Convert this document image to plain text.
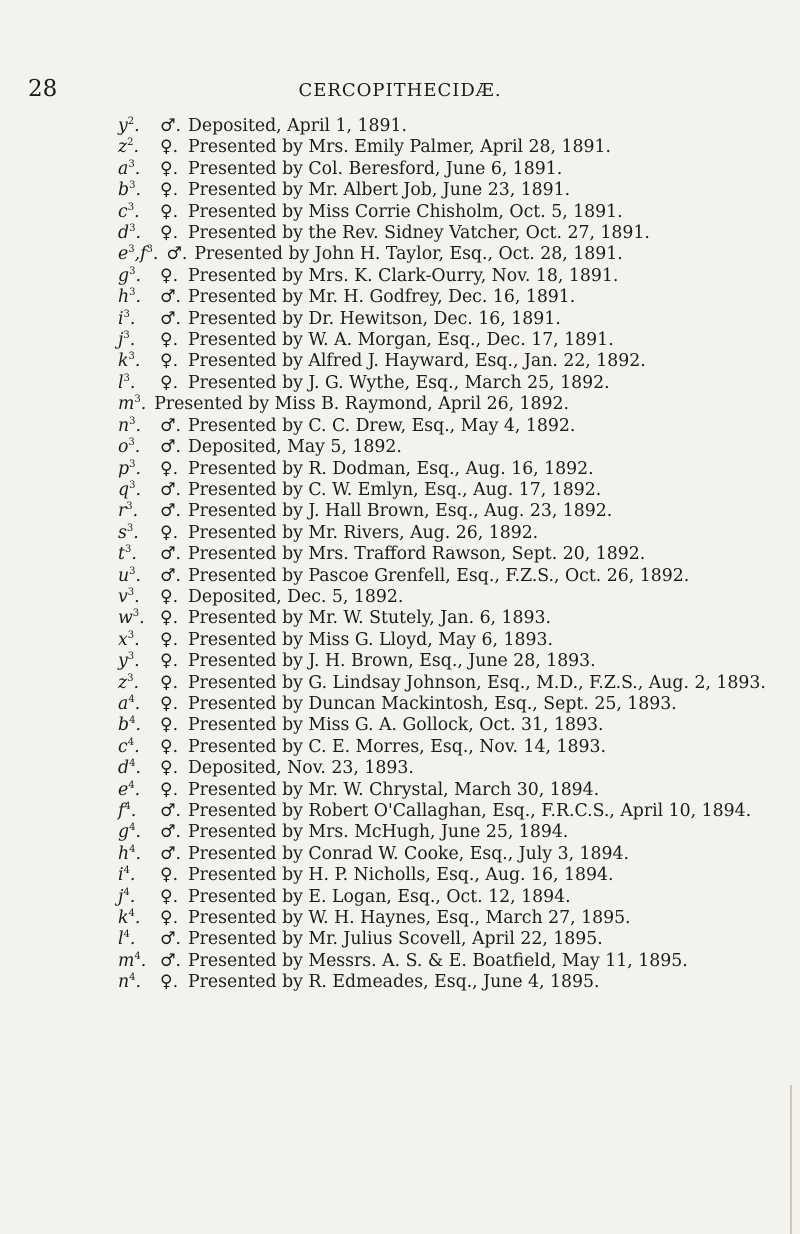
28	CERCOPITHECIDÆ.
$y^2$.	♂. Deposited, April 1, 1891.
$z^2$.	♀. Presented by Mrs. Emily Palmer, April 28, 1891.
$a^3$.	♀. Presented by Col. Beresford, June 6, 1891.
$b^3$.	♀. Presented by Mr. Albert Job, June 23, 1891.
$c^3$.	♀. Presented by Miss Corrie Chisholm, Oct. 5, 1891.
$d^3$.	♀. Presented by the Rev. Sidney Vatcher, Oct. 27, 1891.
$e^3,f^3$. ♂. Presented by John H. Taylor, Esq., Oct. 28, 1891.
$g^3$.	♀. Presented by Mrs. K. Clark-Ourry, Nov. 18, 1891.
$h^3$.	♂. Presented by Mr. H. Godfrey, Dec. 16, 1891.
$i^3$.	♂. Presented by Dr. Hewitson, Dec. 16, 1891.
$j^3$.	♀. Presented by W. A. Morgan, Esq., Dec. 17, 1891.
$k^3$.	♀. Presented by Alfred J. Hayward, Esq., Jan. 22, 1892.
$l^3$.	♀. Presented by J. G. Wythe, Esq., March 25, 1892.
$m^3$. Presented by Miss B. Raymond, April 26, 1892.
$n^3$.	♂. Presented by C. C. Drew, Esq., May 4, 1892.
$o^3$.	♂. Deposited, May 5, 1892.
$p^3$.	♀. Presented by R. Dodman, Esq., Aug. 16, 1892.
$q^3$.	♂. Presented by C. W. Emlyn, Esq., Aug. 17, 1892.
$r^3$.	♂. Presented by J. Hall Brown, Esq., Aug. 23, 1892.
$s^3$.	♀. Presented by Mr. Rivers, Aug. 26, 1892.
$t^3$.	♂. Presented by Mrs. Trafford Rawson, Sept. 20, 1892.
$u^3$.	♂. Presented by Pascoe Grenfell, Esq., F.Z.S., Oct. 26, 1892.
$v^3$.	♀. Deposited, Dec. 5, 1892.
$w^3$. ♀. Presented by Mr. W. Stutely, Jan. 6, 1893.
$x^3$.	♀. Presented by Miss G. Lloyd, May 6, 1893.
$y^3$.	♀. Presented by J. H. Brown, Esq., June 28, 1893.
$z^3$.	♀. Presented by G. Lindsay Johnson, Esq., M.D., F.Z.S., Aug. 2, 1893.
$a^4$.	♀. Presented by Duncan Mackintosh, Esq., Sept. 25, 1893.
$b^4$.	♀. Presented by Miss G. A. Gollock, Oct. 31, 1893.
$c^4$.	♀. Presented by C. E. Morres, Esq., Nov. 14, 1893.
$d^4$.	♀. Deposited, Nov. 23, 1893.
$e^4$.	♀. Presented by Mr. W. Chrystal, March 30, 1894.
$f^4$.	♂. Presented by Robert O'Callaghan, Esq., F.R.C.S., April 10, 1894.
$g^4$.	♂. Presented by Mrs. McHugh, June 25, 1894.
$h^4$.	♂. Presented by Conrad W. Cooke, Esq., July 3, 1894.
$i^4$.	♀. Presented by H. P. Nicholls, Esq., Aug. 16, 1894.
$j^4$.	♀. Presented by E. Logan, Esq., Oct. 12, 1894.
$k^4$.	♀. Presented by W. H. Haynes, Esq., March 27, 1895.
$l^4$.	♂. Presented by Mr. Julius Scovell, April 22, 1895.
$m^4$. ♂. Presented by Messrs. A. S. & E. Boatfield, May 11, 1895.
$n^4$.	♀. Presented by R. Edmeades, Esq., June 4, 1895.
